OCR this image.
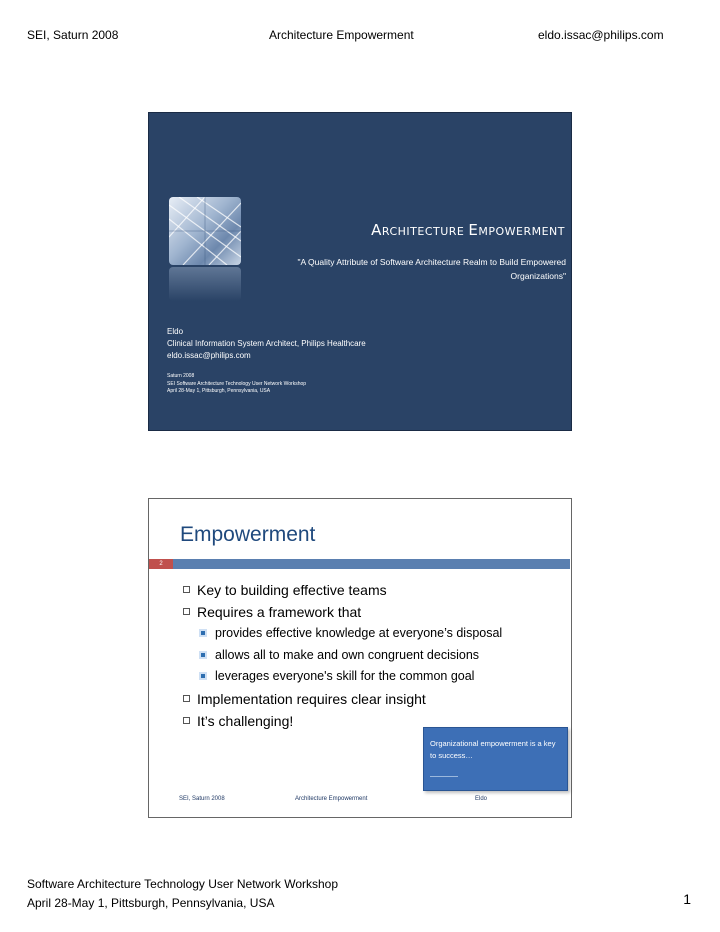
SEI, Saturn 2008	Architecture Empowerment	eldo.issac@philips.com
ARCHITECTURE EMPOWERMENT
"A Quality Attribute of Software Architecture Realm to Build Empowered Organizations"
Eldo
Clinical Information System Architect, Philips Healthcare
eldo.issac@philips.com
Saturn 2008
SEI Software Architecture Technology User Network Workshop
April 28-May 1, Pittsburgh, Pennsylvania, USA
Empowerment
2
Key to building effective teams
Requires a framework that
provides effective knowledge at everyone’s disposal
allows all to make and own congruent decisions
leverages everyone's skill for the common goal
Implementation requires clear insight
It’s challenging!
Organizational empowerment is a key to success…
SEI, Saturn 2008	Architecture Empowerment	Eldo
Software Architecture Technology User Network Workshop
April 28-May 1, Pittsburgh, Pennsylvania, USA	1
